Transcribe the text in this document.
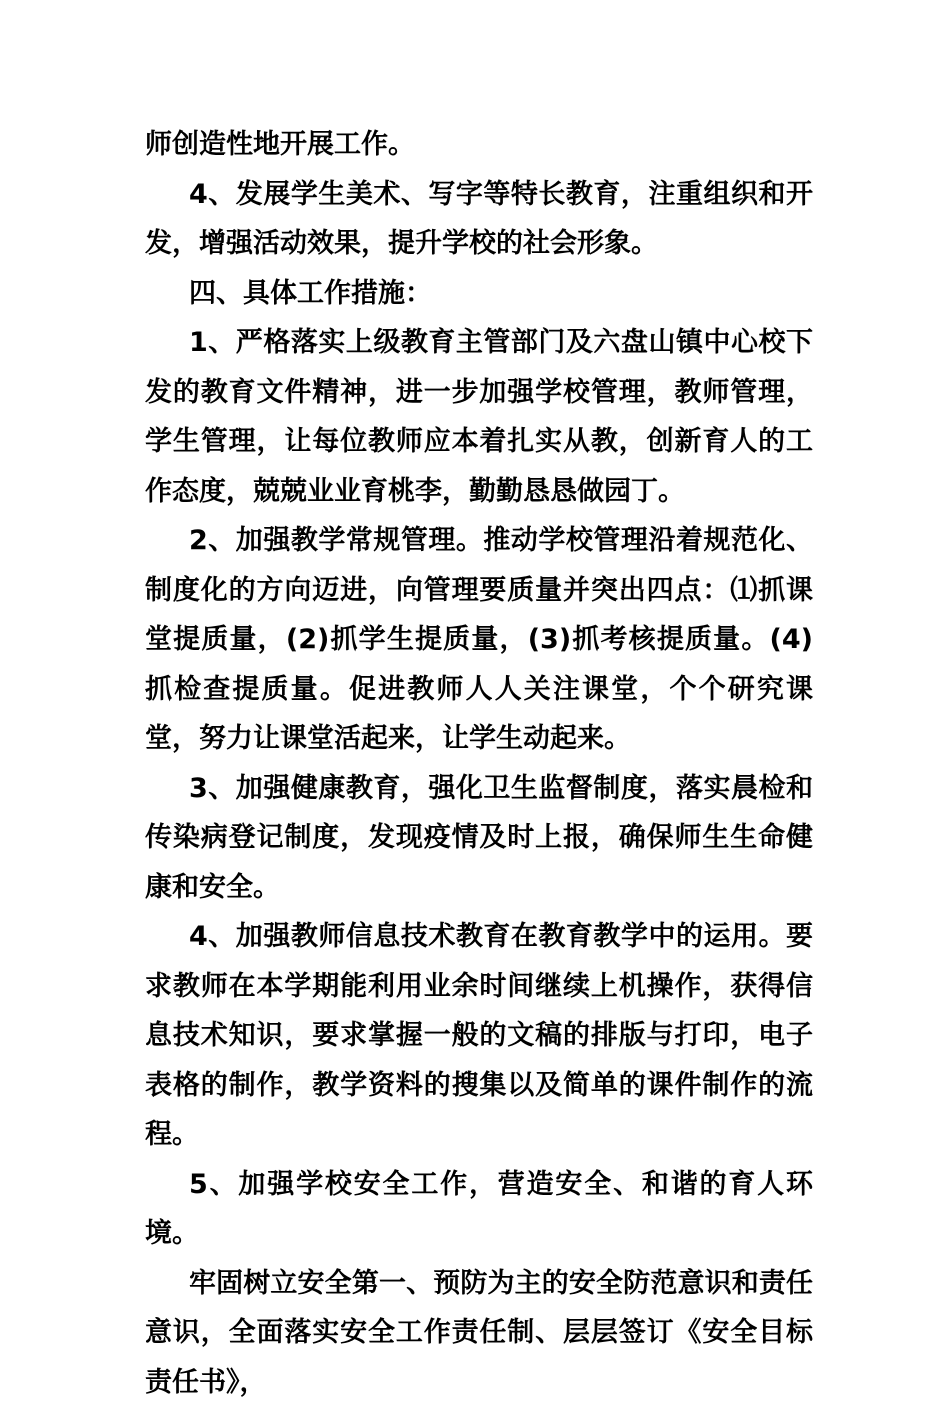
师创造性地开展工作。

4、发展学生美术、写字等特长教育，注重组织和开发，增强活动效果，提升学校的社会形象。

四、具体工作措施：

1、严格落实上级教育主管部门及六盘山镇中心校下发的教育文件精神，进一步加强学校管理，教师管理，学生管理，让每位教师应本着扎实从教，创新育人的工作态度，兢兢业业育桃李，勤勤恳恳做园丁。

2、加强教学常规管理。推动学校管理沿着规范化、制度化的方向迈进，向管理要质量并突出四点：⑴抓课堂提质量，(2)抓学生提质量，(3)抓考核提质量。(4)抓检查提质量。促进教师人人关注课堂，个个研究课堂，努力让课堂活起来，让学生动起来。

3、加强健康教育，强化卫生监督制度，落实晨检和传染病登记制度，发现疫情及时上报，确保师生生命健康和安全。

4、加强教师信息技术教育在教育教学中的运用。要求教师在本学期能利用业余时间继续上机操作，获得信息技术知识，要求掌握一般的文稿的排版与打印，电子表格的制作，教学资料的搜集以及简单的课件制作的流程。

5、加强学校安全工作，营造安全、和谐的育人环境。

牢固树立安全第一、预防为主的安全防范意识和责任意识，全面落实安全工作责任制、层层签订《安全目标责任书》，
